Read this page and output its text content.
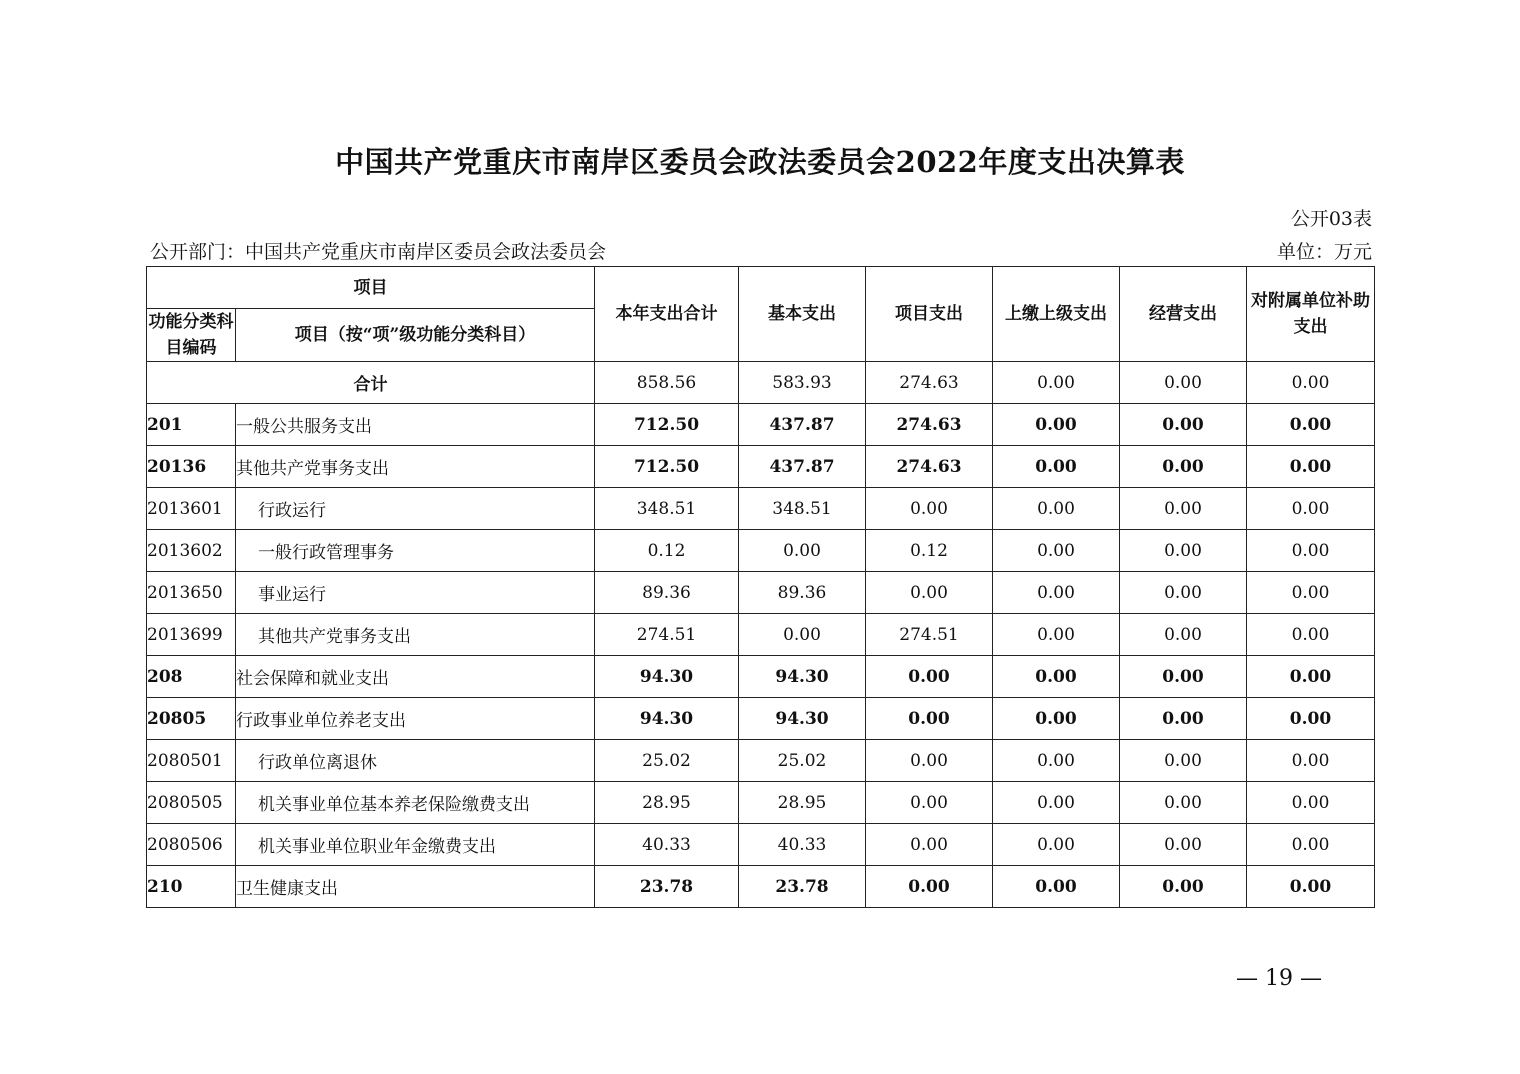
中国共产党重庆市南岸区委员会政法委员会2022年度支出决算表
公开03表
公开部门：中国共产党重庆市南岸区委员会政法委员会	单位：万元
项目		本年支出合计	基本支出	项目支出	上缴上级支出	经营支出	对附属单位补助支出
功能分类科目编码	项目（按“项”级功能分类科目）						
合计		858.56	583.93	274.63	0.00	0.00	0.00
201	一般公共服务支出	712.50	437.87	274.63	0.00	0.00	0.00
20136	其他共产党事务支出	712.50	437.87	274.63	0.00	0.00	0.00
2013601	行政运行	348.51	348.51	0.00	0.00	0.00	0.00
2013602	一般行政管理事务	0.12	0.00	0.12	0.00	0.00	0.00
2013650	事业运行	89.36	89.36	0.00	0.00	0.00	0.00
2013699	其他共产党事务支出	274.51	0.00	274.51	0.00	0.00	0.00
208	社会保障和就业支出	94.30	94.30	0.00	0.00	0.00	0.00
20805	行政事业单位养老支出	94.30	94.30	0.00	0.00	0.00	0.00
2080501	行政单位离退休	25.02	25.02	0.00	0.00	0.00	0.00
2080505	机关事业单位基本养老保险缴费支出	28.95	28.95	0.00	0.00	0.00	0.00
2080506	机关事业单位职业年金缴费支出	40.33	40.33	0.00	0.00	0.00	0.00
210	卫生健康支出	23.78	23.78	0.00	0.00	0.00	0.00
— 19 —
